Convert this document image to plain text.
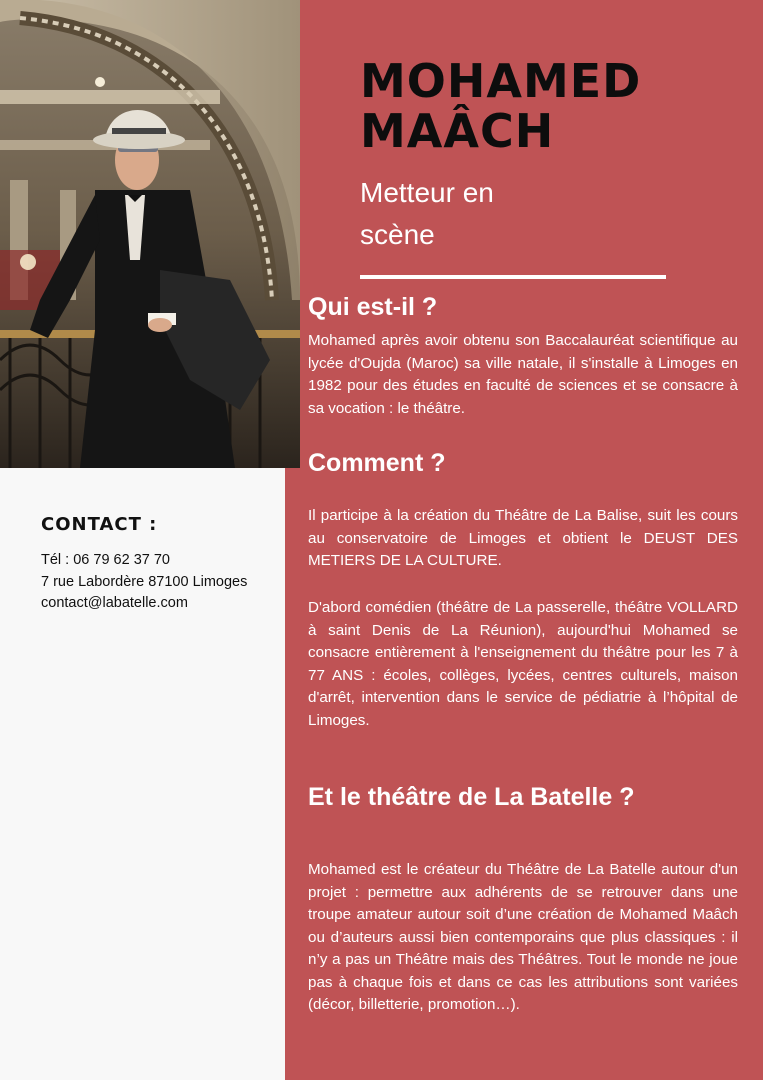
MOHAMED
MAÂCH

Metteur en
scène

Qui est-il ?

Mohamed après avoir obtenu son Baccalauréat scientifique au lycée d'Oujda (Maroc) sa ville natale, il s'installe à Limoges en 1982 pour des études en faculté de sciences et se consacre à sa vocation : le théâtre.

Comment ?

Il participe à la création du Théâtre de La Balise, suit les cours au conservatoire de Limoges et obtient le DEUST DES METIERS DE LA CULTURE.

D'abord comédien (théâtre de La passerelle, théâtre VOLLARD à saint Denis de La Réunion), aujourd'hui Mohamed se consacre entièrement à l'enseignement du théâtre pour les 7 à 77 ANS : écoles, collèges, lycées, centres culturels, maison d'arrêt, intervention dans le service de pédiatrie à l’hôpital de Limoges.

Et le théâtre de La Batelle ?

Mohamed est le créateur du Théâtre de La Batelle autour d'un projet : permettre aux adhérents de se retrouver dans une troupe amateur autour soit d’une création de Mohamed Maâch ou d’auteurs aussi bien contemporains que plus classiques : il n’y a pas un Théâtre mais des Théâtres. Tout le monde ne joue pas à chaque fois et dans ce cas les attributions sont variées (décor, billetterie, promotion…).

CONTACT :

Tél : 06 79 62 37 70

7 rue Labordère 87100 Limoges

contact@labatelle.com
